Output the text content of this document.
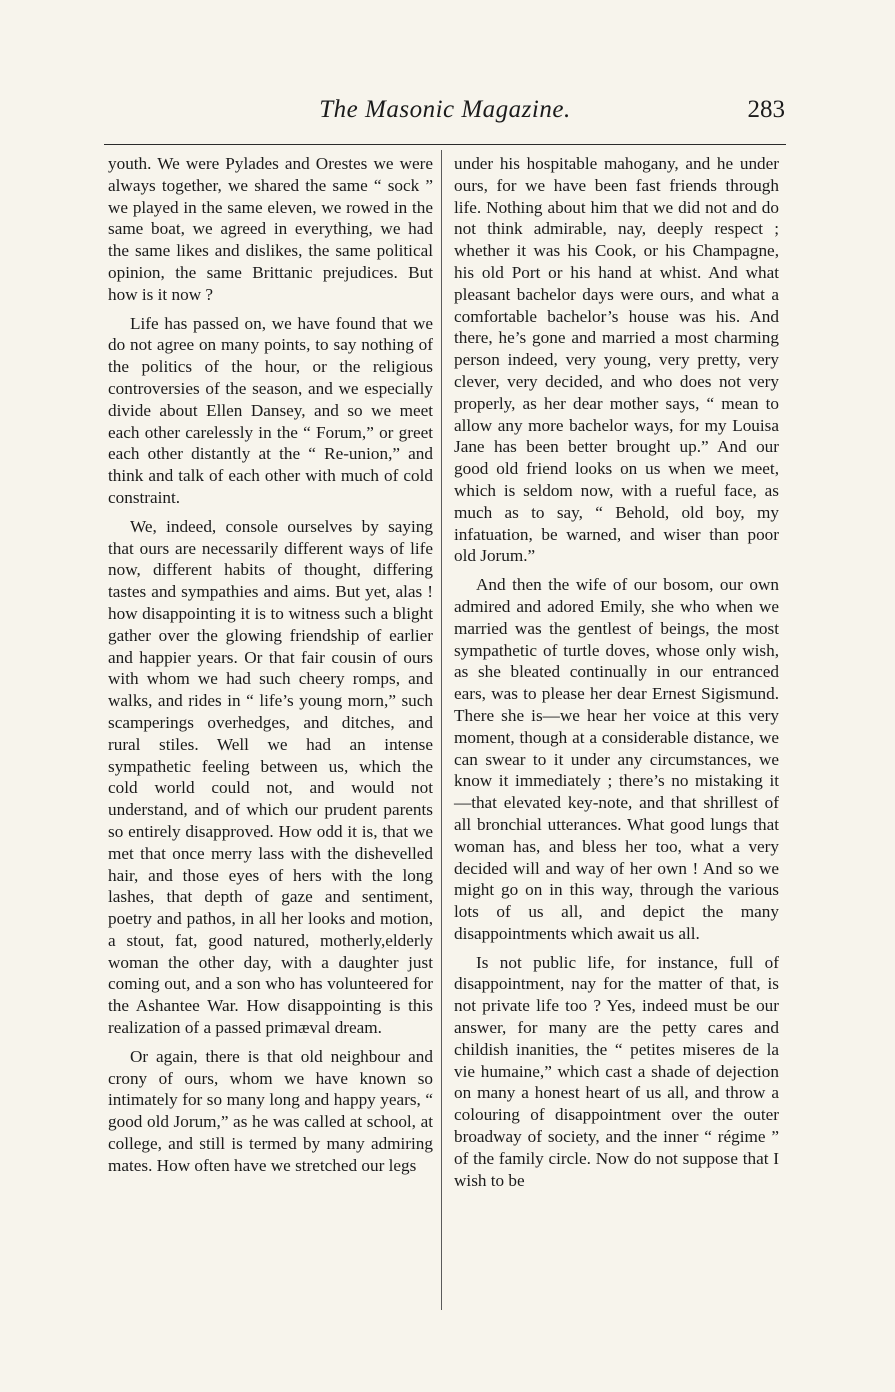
The Masonic Magazine.	283

youth. We were Pylades and Orestes we were always together, we shared the same “ sock ” we played in the same eleven, we rowed in the same boat, we agreed in everything, we had the same likes and dislikes, the same political opinion, the same Brittanic prejudices. But how is it now ?

Life has passed on, we have found that we do not agree on many points, to say nothing of the politics of the hour, or the religious controversies of the season, and we especially divide about Ellen Dansey, and so we meet each other carelessly in the “ Forum,” or greet each other distantly at the “ Re-union,” and think and talk of each other with much of cold constraint.

We, indeed, console ourselves by saying that ours are necessarily different ways of life now, different habits of thought, differing tastes and sympathies and aims. But yet, alas ! how disappointing it is to witness such a blight gather over the glowing friendship of earlier and happier years. Or that fair cousin of ours with whom we had such cheery romps, and walks, and rides in “ life’s young morn,” such scamperings overhedges, and ditches, and rural stiles. Well we had an intense sympathetic feeling between us, which the cold world could not, and would not understand, and of which our prudent parents so entirely disapproved. How odd it is, that we met that once merry lass with the dishevelled hair, and those eyes of hers with the long lashes, that depth of gaze and sentiment, poetry and pathos, in all her looks and motion, a stout, fat, good natured, motherly,elderly woman the other day, with a daughter just coming out, and a son who has volunteered for the Ashantee War. How disappointing is this realization of a passed primæval dream.

Or again, there is that old neighbour and crony of ours, whom we have known so intimately for so many long and happy years, “ good old Jorum,” as he was called at school, at college, and still is termed by many admiring mates. How often have we stretched our legs

under his hospitable mahogany, and he under ours, for we have been fast friends through life. Nothing about him that we did not and do not think admirable, nay, deeply respect ; whether it was his Cook, or his Champagne, his old Port or his hand at whist. And what pleasant bachelor days were ours, and what a comfortable bachelor’s house was his. And there, he’s gone and married a most charming person indeed, very young, very pretty, very clever, very decided, and who does not very properly, as her dear mother says, “ mean to allow any more bachelor ways, for my Louisa Jane has been better brought up.” And our good old friend looks on us when we meet, which is seldom now, with a rueful face, as much as to say, “ Behold, old boy, my infatuation, be warned, and wiser than poor old Jorum.”

And then the wife of our bosom, our own admired and adored Emily, she who when we married was the gentlest of beings, the most sympathetic of turtle doves, whose only wish, as she bleated continually in our entranced ears, was to please her dear Ernest Sigismund. There she is—we hear her voice at this very moment, though at a considerable distance, we can swear to it under any circumstances, we know it immediately ; there’s no mistaking it—that elevated key-note, and that shrillest of all bronchial utterances. What good lungs that woman has, and bless her too, what a very decided will and way of her own ! And so we might go on in this way, through the various lots of us all, and depict the many disappointments which await us all.

Is not public life, for instance, full of disappointment, nay for the matter of that, is not private life too ? Yes, indeed must be our answer, for many are the petty cares and childish inanities, the “ petites miseres de la vie humaine,” which cast a shade of dejection on many a honest heart of us all, and throw a colouring of disappointment over the outer broadway of society, and the inner “ régime ” of the family circle. Now do not suppose that I wish to be
